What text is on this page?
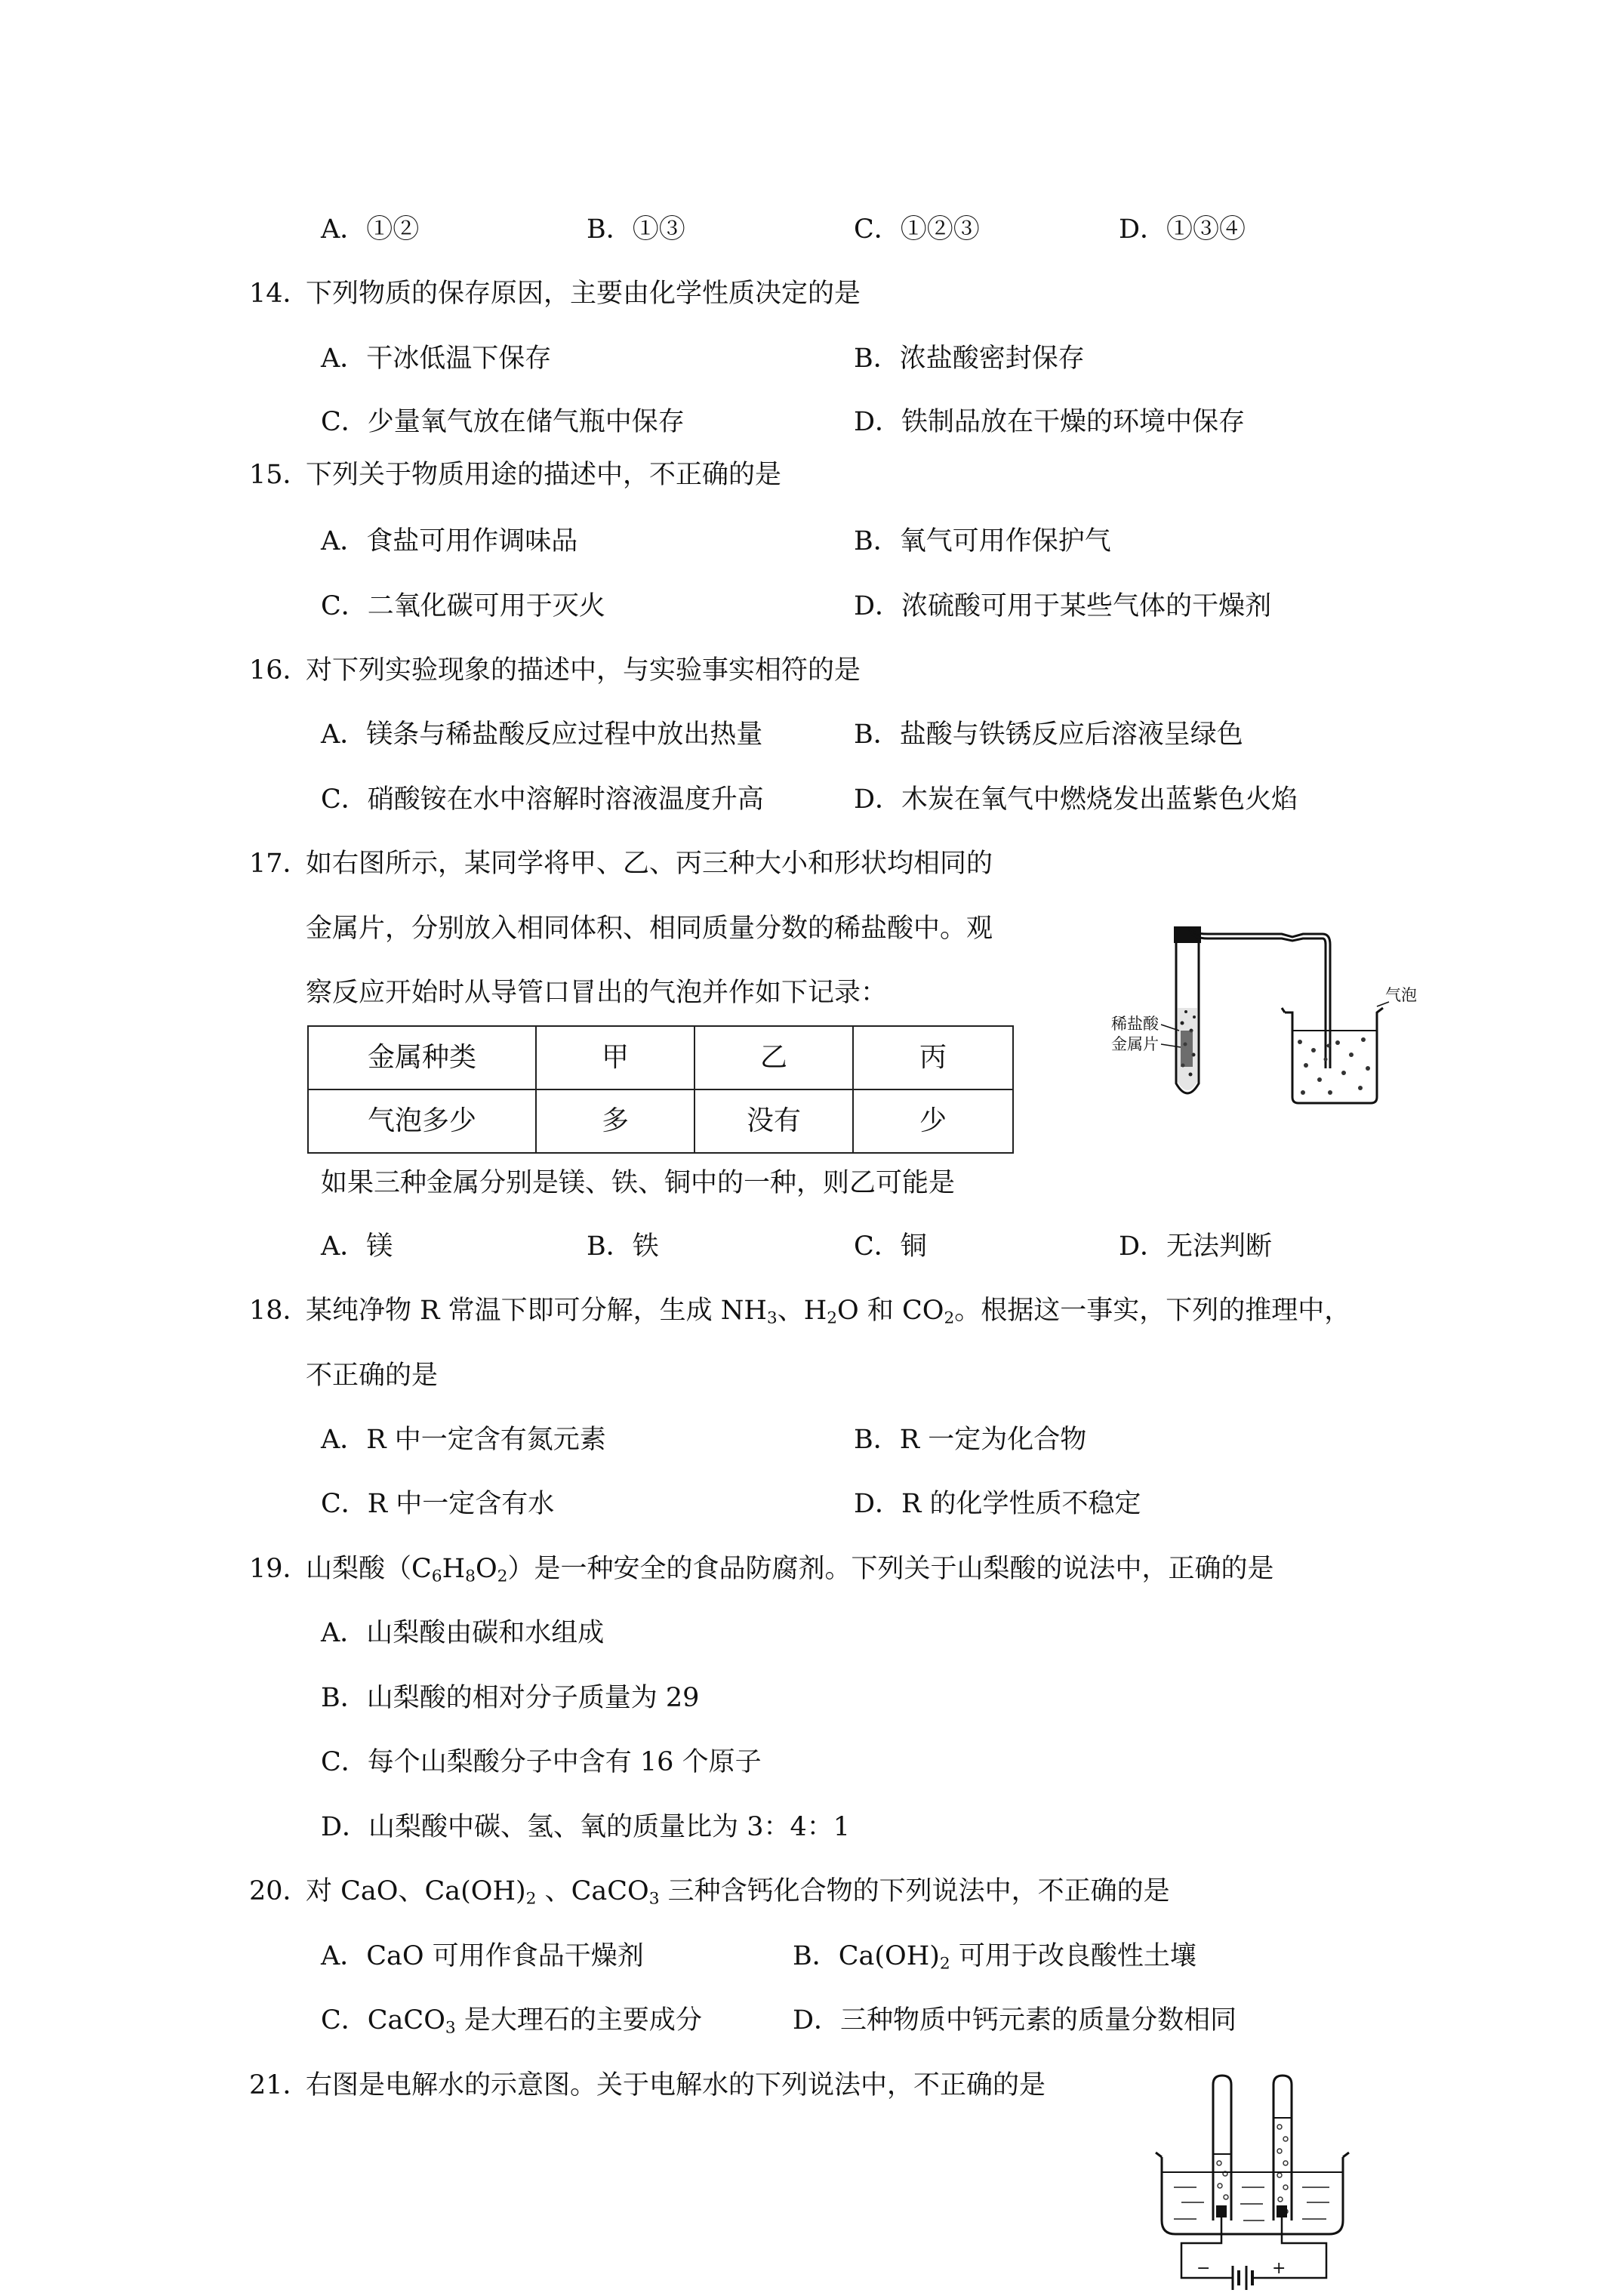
A．①②	B．①③	C．①②③	D．①③④
14．
下列物质的保存原因，主要由化学性质决定的是
A．干冰低温下保存	B．浓盐酸密封保存
C．少量氧气放在储气瓶中保存	D．铁制品放在干燥的环境中保存
15．
下列关于物质用途的描述中，不正确的是
A．食盐可用作调味品	B．氧气可用作保护气
C．二氧化碳可用于灭火	D．浓硫酸可用于某些气体的干燥剂
16．
对下列实验现象的描述中，与实验事实相符的是
A．镁条与稀盐酸反应过程中放出热量	B．盐酸与铁锈反应后溶液呈绿色
C．硝酸铵在水中溶解时溶液温度升高	D．木炭在氧气中燃烧发出蓝紫色火焰
17．
如右图所示，某同学将甲、乙、丙三种大小和形状均相同的
金属片，分别放入相同体积、相同质量分数的稀盐酸中。观
察反应开始时从导管口冒出的气泡并作如下记录：
金属种类	甲	乙	丙
气泡多少	多	没有	少
如果三种金属分别是镁、铁、铜中的一种，则乙可能是
A．镁	B．铁	C．铜	D．无法判断
气泡
稀盐酸
金属片
18．
某纯净物 R 常温下即可分解，生成 $NH_3$、$H_2O$ 和 $CO_2$。根据这一事实，下列的推理中，
不正确的是
A．R 中一定含有氮元素	B．R 一定为化合物
C．R 中一定含有水	D．R 的化学性质不稳定
19．
山梨酸$(C_6H_8O_2)$是一种安全的食品防腐剂。下列关于山梨酸的说法中，正确的是
A．山梨酸由碳和水组成
B．山梨酸的相对分子质量为 29
C．每个山梨酸分子中含有 16 个原子
D．山梨酸中碳、氢、氧的质量比为 3：4：1
20．
对 CaO、$Ca(OH)_2$ 、CaCO$_3$ 三种含钙化合物的下列说法中，不正确的是
A．CaO 可用作食品干燥剂	B．$Ca(OH)_2$ 可用于改良酸性土壤
C．CaCO$_3$ 是大理石的主要成分	D．三种物质中钙元素的质量分数相同
21．
右图是电解水的示意图。关于电解水的下列说法中，不正确的是
−	+
